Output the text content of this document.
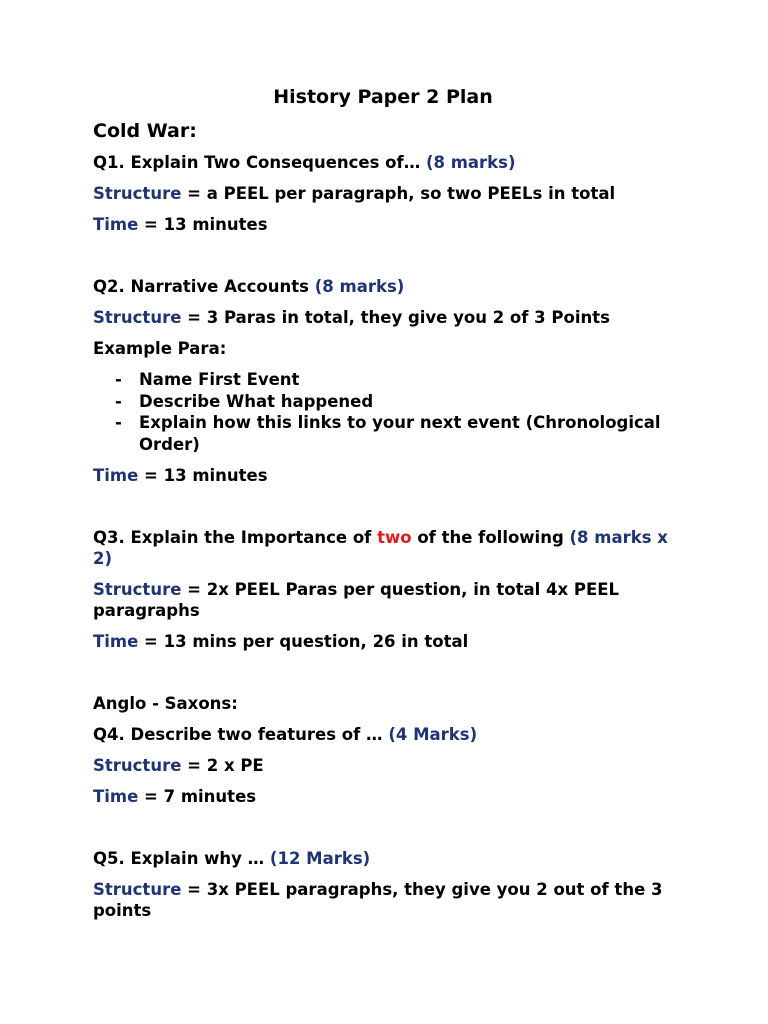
History Paper 2 Plan
Cold War:
Q1. Explain Two Consequences of… (8 marks)
Structure = a PEEL per paragraph, so two PEELs in total
Time = 13 minutes
Q2. Narrative Accounts (8 marks)
Structure = 3 Paras in total, they give you 2 of 3 Points
Example Para:
- Name First Event
- Describe What happened
- Explain how this links to your next event (Chronological Order)
Time = 13 minutes
Q3. Explain the Importance of two of the following (8 marks x 2)
Structure = 2x PEEL Paras per question, in total 4x PEEL paragraphs
Time = 13 mins per question, 26 in total
Anglo - Saxons:
Q4. Describe two features of … (4 Marks)
Structure = 2 x PE
Time = 7 minutes
Q5. Explain why … (12 Marks)
Structure = 3x PEEL paragraphs, they give you 2 out of the 3 points
